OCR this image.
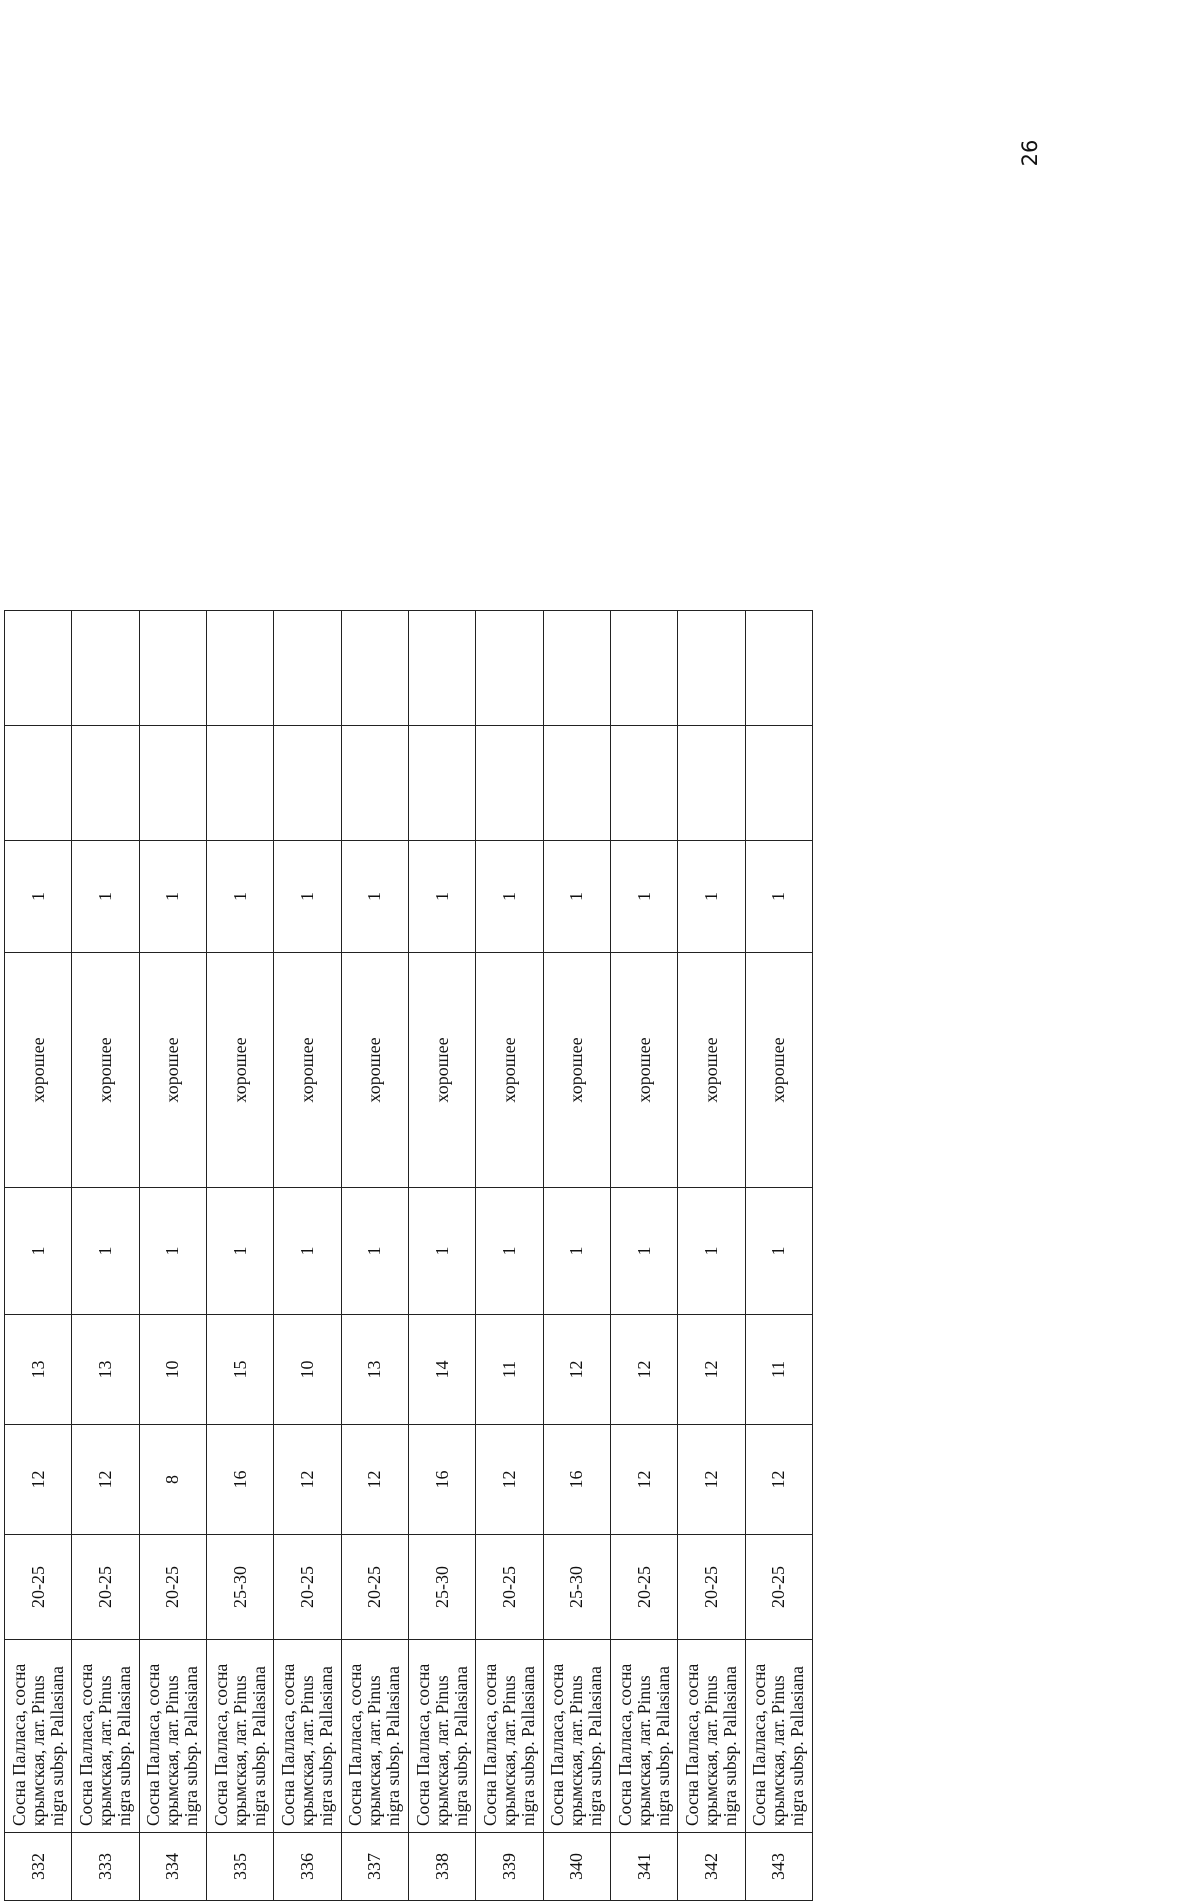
26
332	Сосна Палласа, сосна крымская, лат. Pinus nigra subsp. Pallasiana	20-25	12	13	1	хорошее	1		
333	Сосна Палласа, сосна крымская, лат. Pinus nigra subsp. Pallasiana	20-25	12	13	1	хорошее	1		
334	Сосна Палласа, сосна крымская, лат. Pinus nigra subsp. Pallasiana	20-25	8	10	1	хорошее	1		
335	Сосна Палласа, сосна крымская, лат. Pinus nigra subsp. Pallasiana	25-30	16	15	1	хорошее	1		
336	Сосна Палласа, сосна крымская, лат. Pinus nigra subsp. Pallasiana	20-25	12	10	1	хорошее	1		
337	Сосна Палласа, сосна крымская, лат. Pinus nigra subsp. Pallasiana	20-25	12	13	1	хорошее	1		
338	Сосна Палласа, сосна крымская, лат. Pinus nigra subsp. Pallasiana	25-30	16	14	1	хорошее	1		
339	Сосна Палласа, сосна крымская, лат. Pinus nigra subsp. Pallasiana	20-25	12	11	1	хорошее	1		
340	Сосна Палласа, сосна крымская, лат. Pinus nigra subsp. Pallasiana	25-30	16	12	1	хорошее	1		
341	Сосна Палласа, сосна крымская, лат. Pinus nigra subsp. Pallasiana	20-25	12	12	1	хорошее	1		
342	Сосна Палласа, сосна крымская, лат. Pinus nigra subsp. Pallasiana	20-25	12	12	1	хорошее	1		
343	Сосна Палласа, сосна крымская, лат. Pinus nigra subsp. Pallasiana	20-25	12	11	1	хорошее	1		
